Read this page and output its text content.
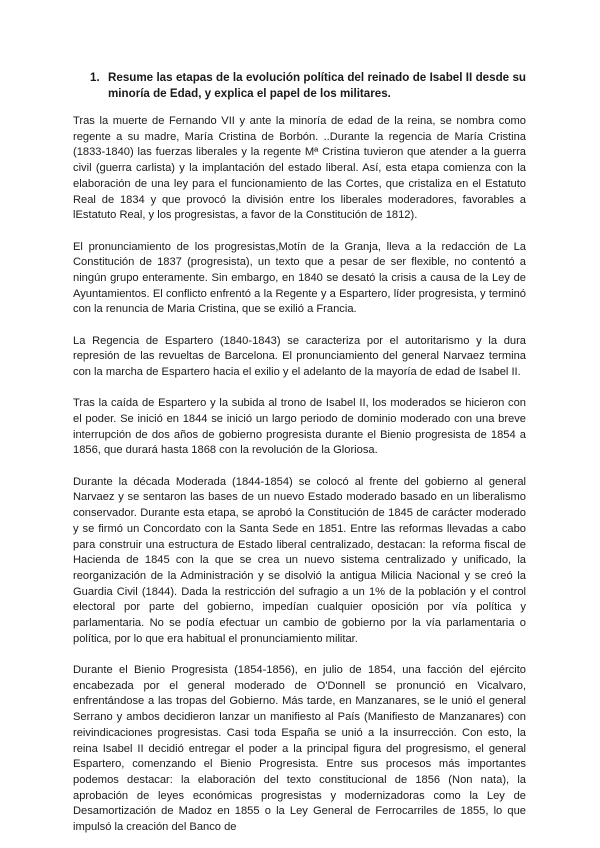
1. Resume las etapas de la evolución política del reinado de Isabel II desde su minoría de Edad, y explica el papel de los militares.

Tras la muerte de Fernando VII y ante la minoría de edad de la reina, se nombra como regente a su madre, María Cristina de Borbón. ..Durante la regencia de María Cristina (1833-1840) las fuerzas liberales y la regente Mª Cristina tuvieron que atender a la guerra civil (guerra carlista) y la implantación del estado liberal. Así, esta etapa comienza con la elaboración de una ley para el funcionamiento de las Cortes, que cristaliza en el Estatuto Real de 1834 y que provocó la división entre los liberales moderadores, favorables a lEstatuto Real, y los progresistas, a favor de la Constitución de 1812).

El pronunciamiento de los progresistas,Motín de la Granja, lleva a la redacción de La Constitución de 1837 (progresista), un texto que a pesar de ser flexible, no contentó a ningún grupo enteramente. Sin embargo, en 1840 se desató la crisis a causa de la Ley de Ayuntamientos. El conflicto enfrentó a la Regente y a Espartero, líder progresista, y terminó con la renuncia de Maria Cristina, que se exilió a Francia.

La Regencia de Espartero (1840-1843) se caracteriza por el autoritarismo y la dura represión de las revueltas de Barcelona. El pronunciamiento del general Narvaez termina con la marcha de Espartero hacia el exilio y el adelanto de la mayoría de edad de Isabel II.

Tras la caída de Espartero y la subida al trono de Isabel II, los moderados se hicieron con el poder. Se inició en 1844 se inició un largo periodo de dominio moderado con una breve interrupción de dos años de gobierno progresista durante el Bienio progresista de 1854 a 1856, que durará hasta 1868 con la revolución de la Gloriosa.

Durante la década Moderada (1844-1854) se colocó al frente del gobierno al general Narvaez y se sentaron las bases de un nuevo Estado moderado basado en un liberalismo conservador. Durante esta etapa, se aprobó la Constitución de 1845 de carácter moderado y se firmó un Concordato con la Santa Sede en 1851. Entre las reformas llevadas a cabo para construir una estructura de Estado liberal centralizado, destacan: la reforma fiscal de Hacienda de 1845 con la que se crea un nuevo sistema centralizado y unificado, la reorganización de la Administración y se disolvió la antigua Milicia Nacional y se creó la Guardia Civil (1844). Dada la restricción del sufragio a un 1% de la población y el control electoral por parte del gobierno, impedían cualquier oposición por vía política y parlamentaria. No se podía efectuar un cambio de gobierno por la vía parlamentaria o política, por lo que era habitual el pronunciamiento militar.

Durante el Bienio Progresista (1854-1856), en julio de 1854, una facción del ejército encabezada por el general moderado de O'Donnell se pronunció en Vicalvaro, enfrentándose a las tropas del Gobierno. Más tarde, en Manzanares, se le unió el general Serrano y ambos decidieron lanzar un manifiesto al País (Manifiesto de Manzanares) con reivindicaciones progresistas. Casi toda España se unió a la insurrección. Con esto, la reina Isabel II decidió entregar el poder a la principal figura del progresismo, el general Espartero, comenzando el Bienio Progresista. Entre sus procesos más importantes podemos destacar: la elaboración del texto constitucional de 1856 (Non nata), la aprobación de leyes económicas progresistas y modernizadoras como la Ley de Desamortización de Madoz en 1855 o la Ley General de Ferrocarriles de 1855, lo que impulsó la creación del Banco de
